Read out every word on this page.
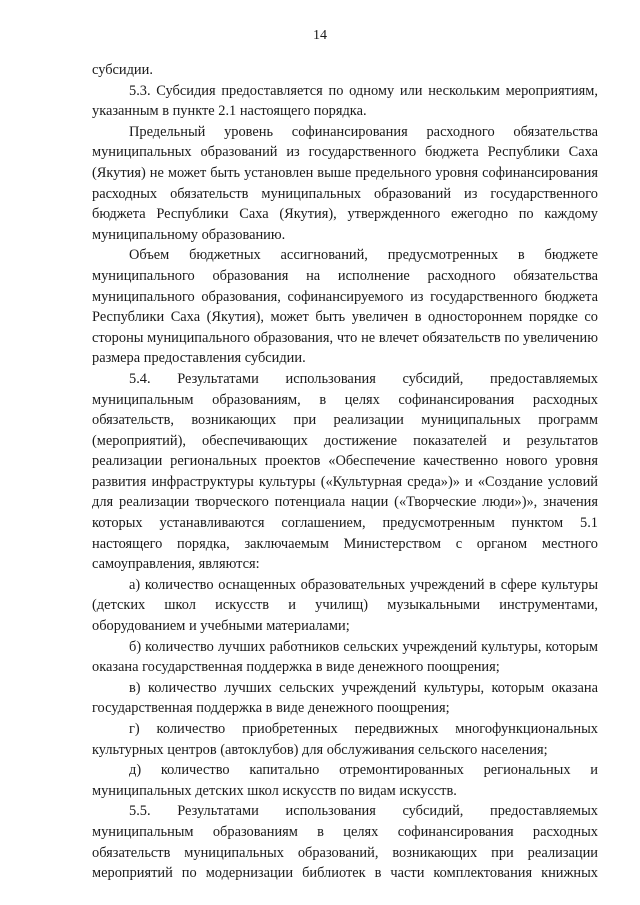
14

субсидии.

5.3. Субсидия предоставляется по одному или нескольким мероприятиям, указанным в пункте 2.1 настоящего порядка.

Предельный уровень софинансирования расходного обязательства муниципальных образований из государственного бюджета Республики Саха (Якутия) не может быть установлен выше предельного уровня софинансирования расходных обязательств муниципальных образований из государственного бюджета Республики Саха (Якутия), утвержденного ежегодно по каждому муниципальному образованию.

Объем бюджетных ассигнований, предусмотренных в бюджете муниципального образования на исполнение расходного обязательства муниципального образования, софинансируемого из государственного бюджета Республики Саха (Якутия), может быть увеличен в одностороннем порядке со стороны муниципального образования, что не влечет обязательств по увеличению размера предоставления субсидии.

5.4. Результатами использования субсидий, предоставляемых муниципальным образованиям, в целях софинансирования расходных обязательств, возникающих при реализации муниципальных программ (мероприятий), обеспечивающих достижение показателей и результатов реализации региональных проектов «Обеспечение качественно нового уровня развития инфраструктуры культуры («Культурная среда»)» и «Создание условий для реализации творческого потенциала нации («Творческие люди»)», значения которых устанавливаются соглашением, предусмотренным пунктом 5.1 настоящего порядка, заключаемым Министерством с органом местного самоуправления, являются:

а) количество оснащенных образовательных учреждений в сфере культуры (детских школ искусств и училищ) музыкальными инструментами, оборудованием и учебными материалами;

б) количество лучших работников сельских учреждений культуры, которым оказана государственная поддержка в виде денежного поощрения;

в) количество лучших сельских учреждений культуры, которым оказана государственная поддержка в виде денежного поощрения;

г) количество приобретенных передвижных многофункциональных культурных центров (автоклубов) для обслуживания сельского населения;

д) количество капитально отремонтированных региональных и муниципальных детских школ искусств по видам искусств.

5.5. Результатами использования субсидий, предоставляемых муниципальным образованиям в целях софинансирования расходных обязательств муниципальных образований, возникающих при реализации мероприятий по модернизации библиотек в части комплектования книжных
